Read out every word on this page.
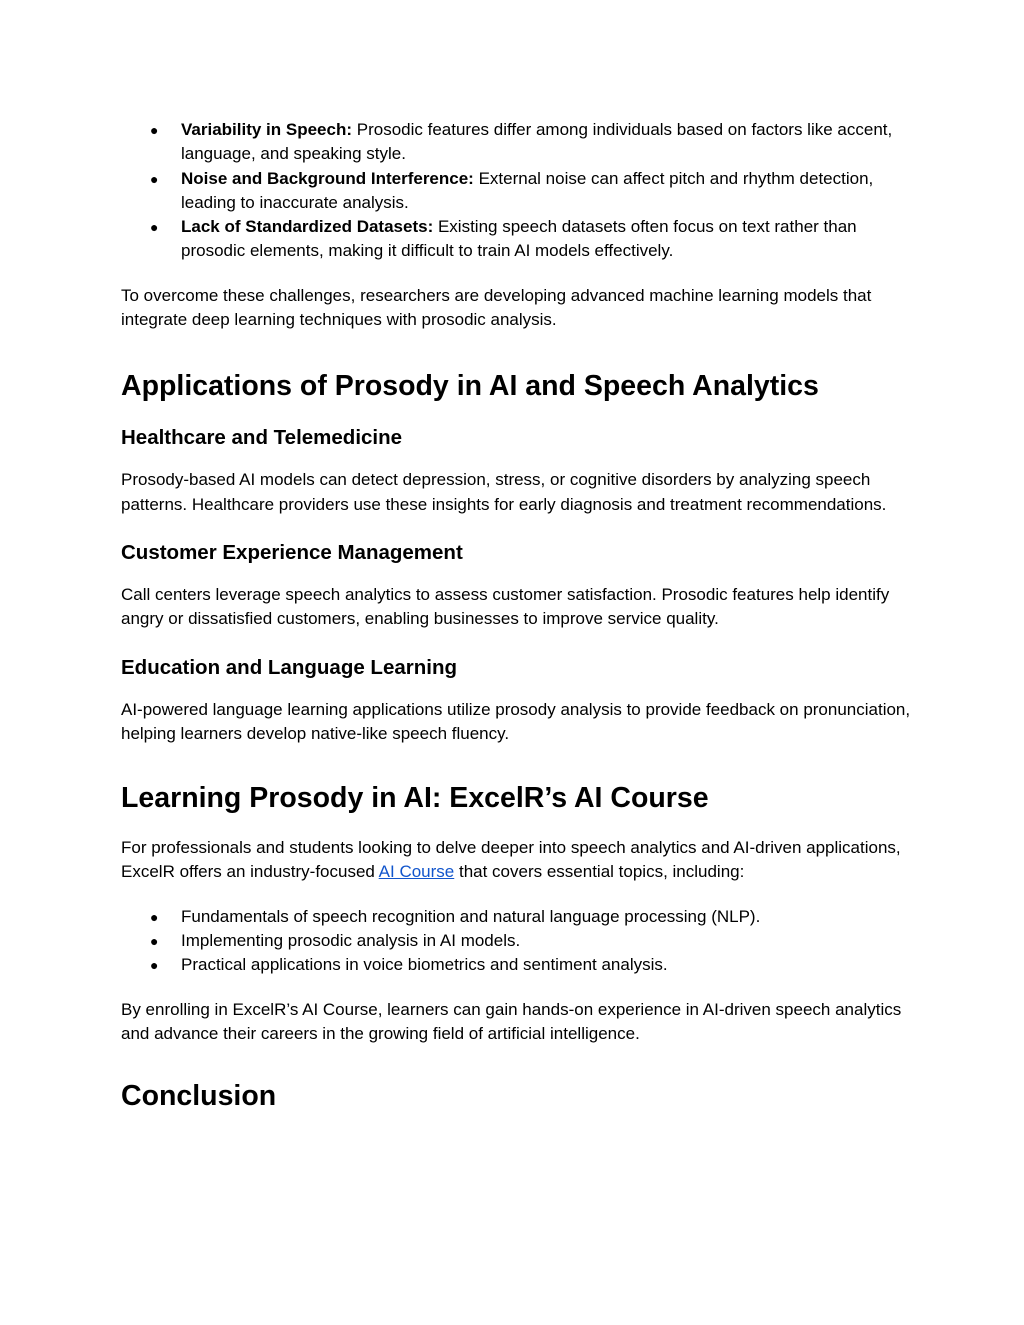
● Variability in Speech: Prosodic features differ among individuals based on factors like accent, language, and speaking style.
● Noise and Background Interference: External noise can affect pitch and rhythm detection, leading to inaccurate analysis.
● Lack of Standardized Datasets: Existing speech datasets often focus on text rather than prosodic elements, making it difficult to train AI models effectively.

To overcome these challenges, researchers are developing advanced machine learning models that integrate deep learning techniques with prosodic analysis.

Applications of Prosody in AI and Speech Analytics
Healthcare and Telemedicine

Prosody-based AI models can detect depression, stress, or cognitive disorders by analyzing speech patterns. Healthcare providers use these insights for early diagnosis and treatment recommendations.

Customer Experience Management

Call centers leverage speech analytics to assess customer satisfaction. Prosodic features help identify angry or dissatisfied customers, enabling businesses to improve service quality.

Education and Language Learning

AI-powered language learning applications utilize prosody analysis to provide feedback on pronunciation, helping learners develop native-like speech fluency.

Learning Prosody in AI: ExcelR’s AI Course

For professionals and students looking to delve deeper into speech analytics and AI-driven applications, ExcelR offers an industry-focused AI Course that covers essential topics, including:

● Fundamentals of speech recognition and natural language processing (NLP).
● Implementing prosodic analysis in AI models.
● Practical applications in voice biometrics and sentiment analysis.

By enrolling in ExcelR’s AI Course, learners can gain hands-on experience in AI-driven speech analytics and advance their careers in the growing field of artificial intelligence.

Conclusion
